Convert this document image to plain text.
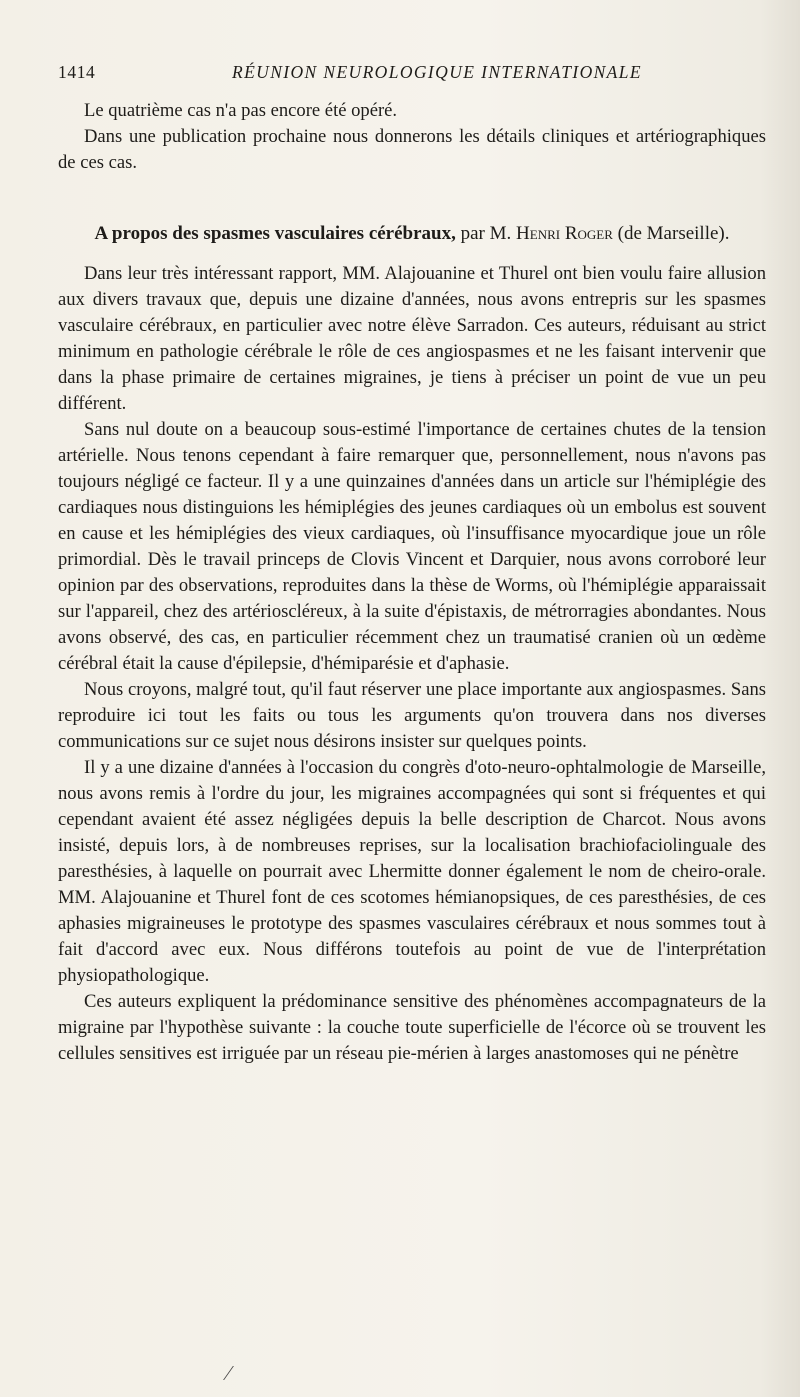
1414	RÉUNION NEUROLOGIQUE INTERNATIONALE

Le quatrième cas n'a pas encore été opéré.

Dans une publication prochaine nous donnerons les détails cliniques et artériographiques de ces cas.

A propos des spasmes vasculaires cérébraux, par M. Henri Roger (de Marseille).

Dans leur très intéressant rapport, MM. Alajouanine et Thurel ont bien voulu faire allusion aux divers travaux que, depuis une dizaine d'années, nous avons entrepris sur les spasmes vasculaire cérébraux, en particulier avec notre élève Sarradon. Ces auteurs, réduisant au strict minimum en pathologie cérébrale le rôle de ces angiospasmes et ne les faisant intervenir que dans la phase primaire de certaines migraines, je tiens à préciser un point de vue un peu différent.

Sans nul doute on a beaucoup sous-estimé l'importance de certaines chutes de la tension artérielle. Nous tenons cependant à faire remarquer que, personnellement, nous n'avons pas toujours négligé ce facteur. Il y a une quinzaines d'années dans un article sur l'hémiplégie des cardiaques nous distinguions les hémiplégies des jeunes cardiaques où un embolus est souvent en cause et les hémiplégies des vieux cardiaques, où l'insuffisance myocardique joue un rôle primordial. Dès le travail princeps de Clovis Vincent et Darquier, nous avons corroboré leur opinion par des observations, reproduites dans la thèse de Worms, où l'hémiplégie apparaissait sur l'appareil, chez des artérioscléreux, à la suite d'épistaxis, de métrorragies abondantes. Nous avons observé, des cas, en particulier récemment chez un traumatisé cranien où un œdème cérébral était la cause d'épilepsie, d'hémiparésie et d'aphasie.

Nous croyons, malgré tout, qu'il faut réserver une place importante aux angiospasmes. Sans reproduire ici tout les faits ou tous les arguments qu'on trouvera dans nos diverses communications sur ce sujet nous désirons insister sur quelques points.

Il y a une dizaine d'années à l'occasion du congrès d'oto-neuro-ophtalmologie de Marseille, nous avons remis à l'ordre du jour, les migraines accompagnées qui sont si fréquentes et qui cependant avaient été assez négligées depuis la belle description de Charcot. Nous avons insisté, depuis lors, à de nombreuses reprises, sur la localisation brachiofaciolinguale des paresthésies, à laquelle on pourrait avec Lhermitte donner également le nom de cheiro-orale. MM. Alajouanine et Thurel font de ces scotomes hémianopsiques, de ces paresthésies, de ces aphasies migraineuses le prototype des spasmes vasculaires cérébraux et nous sommes tout à fait d'accord avec eux. Nous différons toutefois au point de vue de l'interprétation physiopathologique.

Ces auteurs expliquent la prédominance sensitive des phénomènes accompagnateurs de la migraine par l'hypothèse suivante : la couche toute superficielle de l'écorce où se trouvent les cellules sensitives est irriguée par un réseau pie-mérien à larges anastomoses qui ne pénètre
